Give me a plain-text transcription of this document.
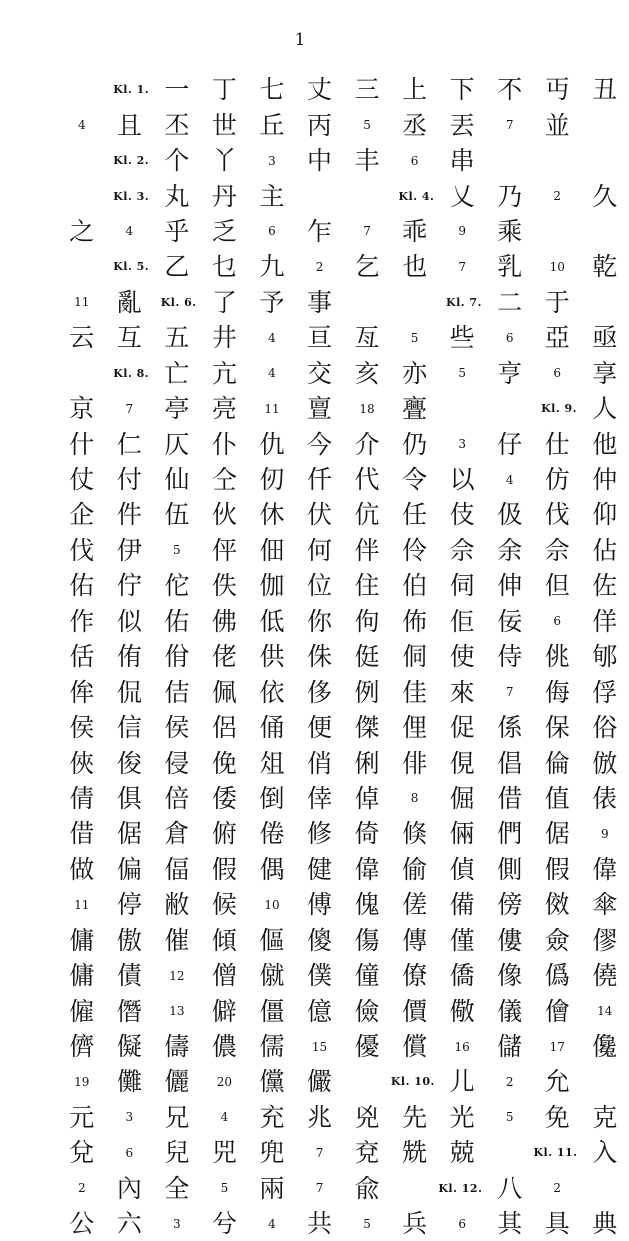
1
Kl. 1. 一 丁 七 丈 三 上 下 不 丏 丑
4	且 丕 世 丘 丙	5	丞 丟	7	並
Kl. 2. 个 丫	3	中 丰	6	串
Kl. 3. 丸 丹 主	Kl. 4. 乂 乃	2	久
之	4	乎 乏	6	乍	7	乖	9	乘
Kl. 5. 乙 乜 九	2	乞 也	7	乳	10	乾
11	亂	Kl. 6. 了 予 事	Kl. 7. 二 于
云 互 五 井	4	亘 亙	5	些	6	亞 亟
Kl. 8. 亡 亢	4	交 亥 亦	5	亨	6	享
京	7	亭 亮	11	亶	18	亹	Kl. 9. 人
什 仁 仄 仆 仇 今 介 仍	3	仔 仕 他
仗 付 仙 仝 仞 仟 代 令 以	4	仿 仲
企 件 伍 伙 休 伏 伉 任 伎 伋 伐 仰
伐 伊	5	伻 佃 何 伴 伶 佘 余 佘 佔
佑 佇 佗 佚 伽 位 住 伯 伺 伸 但 佐
作 似 佑 佛 低 你 佝 佈 佢 佞	6	佯
佸 侑 佾 佬 供 侏 侹 侗 使 侍 佻 郇
侔 侃 佶 佩 依 侈 例 佳 來	7	侮 俘
侯 信 侯 侶 俑 便 傑 俚 促 係 保 俗
俠 俊 侵 俛 俎 俏 俐 俳 俔 倡 倫 倣
倩 俱 倍 倭 倒 倖 倬	8	倔 借 值 俵
借 倨 倉 俯 倦 修 倚 倏 倆 們 倨	9
做 偏 偪 假 偶 健 偉 偷 偵 側 假 偉
11	停 敝 候	10	傅 傀 傞 備 傍 傚 傘
傭 傲 催 傾 傴 傻 傷 傳 僅 僂 僉 僇
傭 債	12	僧 僦 僕 僮 僚 僑 像 僞 僥
僱 僭	13	僻 僵 億 儉 價 儆 儀 儈	14
儕 儗 儔 儂 儒	15	優 償	16	儲	17	儳
19	儺 儷	20	儻 儼	Kl. 10. 儿	2	允
元	3	兄	4	充 兆 兇 先 光	5	免 克
兌	6	兒 兕 兜	7	兗 兟 兢	Kl. 11. 入
2	內 全	5	兩	7	兪	Kl. 12. 八	2
公 六	3	兮	4	共	5	兵	6	其 具 典
